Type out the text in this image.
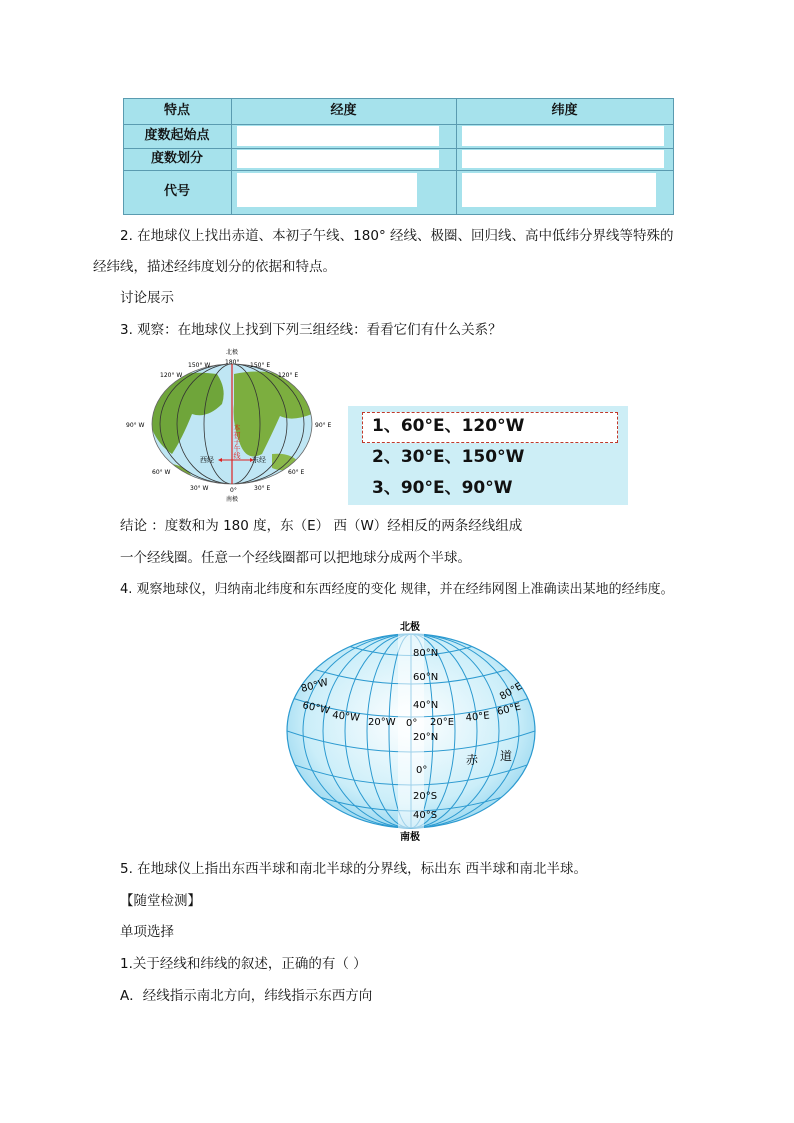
特点	经度	纬度
度数起始点
度数划分
代号
2. 在地球仪上找出赤道、本初子午线、180° 经线、极圈、回归线、高中低纬分界线等特殊的
经纬线，描述经纬度划分的依据和特点。
讨论展示
3. 观察：在地球仪上找到下列三组经线：看看它们有什么关系？
本初子午线
西经	东经
北极
180°
150° W	150° E
120° W	120° E
90° W
60° W
90° E
60° E
30° W	0°	30° E
南极
1、60°E、120°W
2、30°E、150°W
3、90°E、90°W
结论 ：度数和为 180 度，东（E） 西（W）经相反的两条经线组成
一个经线圈。任意一个经线圈都可以把地球分成两个半球。
4. 观察地球仪，归纳南北纬度和东西经度的变化 规律，并在经纬网图上准确读出某地的经纬度。
北极
南极
80°N
60°N
40°N
20°N
0°
20°S
40°S
80°W
60°W
40°W 20°W 0° 20°E 40°E 60°E
80°E
赤 道
5. 在地球仪上指出东西半球和南北半球的分界线，标出东 西半球和南北半球。
【随堂检测】
单项选择
1.关于经线和纬线的叙述，正确的有（ ）
A．经线指示南北方向，纬线指示东西方向
